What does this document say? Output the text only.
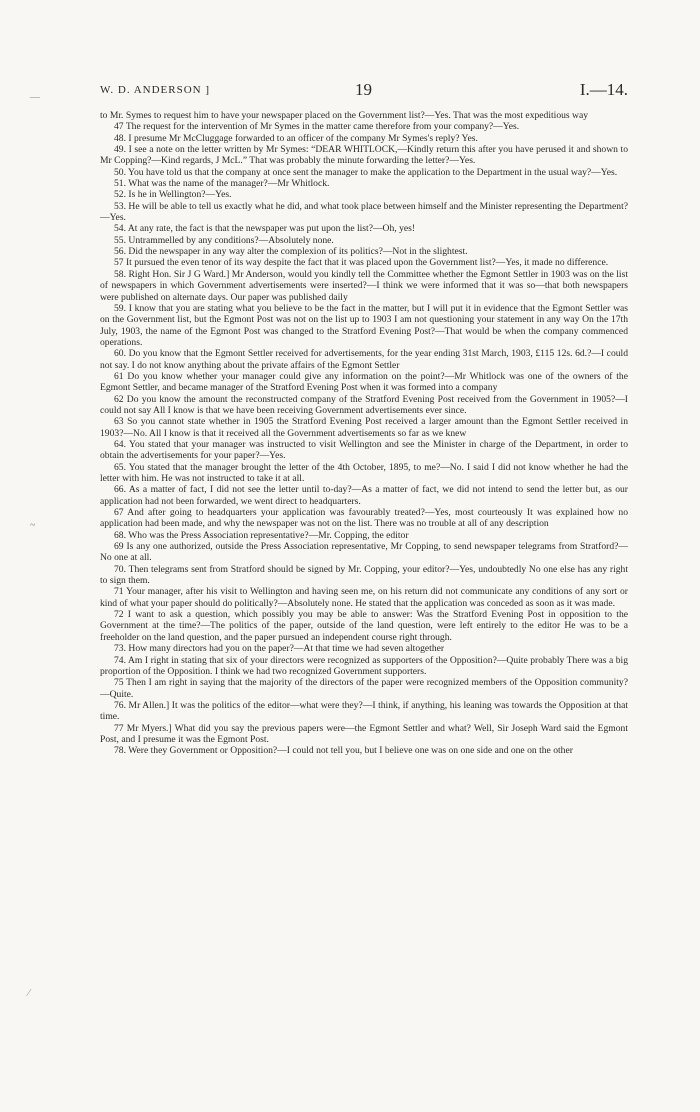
W. D. ANDERSON ]	19	I.—14.
—
~
⁄

to Mr. Symes to request him to have your newspaper placed on the Government list?—Yes. That was the most expeditious way

47 The request for the intervention of Mr Symes in the matter came therefore from your company?—Yes.

48. I presume Mr McCluggage forwarded to an officer of the company Mr Symes's reply? Yes.

49. I see a note on the letter written by Mr Symes: “DEAR WHITLOCK,—Kindly return this after you have perused it and shown to Mr Copping?—Kind regards, J McL.” That was probably the minute forwarding the letter?—Yes.

50. You have told us that the company at once sent the manager to make the application to the Department in the usual way?—Yes.

51. What was the name of the manager?—Mr Whitlock.

52. Is he in Wellington?—Yes.

53. He will be able to tell us exactly what he did, and what took place between himself and the Minister representing the Department?—Yes.

54. At any rate, the fact is that the newspaper was put upon the list?—Oh, yes!

55. Untrammelled by any conditions?—Absolutely none.

56. Did the newspaper in any way alter the complexion of its politics?—Not in the slightest.

57 It pursued the even tenor of its way despite the fact that it was placed upon the Government list?—Yes, it made no difference.

58. Right Hon. Sir J G Ward.] Mr Anderson, would you kindly tell the Committee whether the Egmont Settler in 1903 was on the list of newspapers in which Government advertisements were inserted?—I think we were informed that it was so—that both newspapers were published on alternate days. Our paper was published daily

59. I know that you are stating what you believe to be the fact in the matter, but I will put it in evidence that the Egmont Settler was on the Government list, but the Egmont Post was not on the list up to 1903 I am not questioning your statement in any way On the 17th July, 1903, the name of the Egmont Post was changed to the Stratford Evening Post?—That would be when the company commenced operations.

60. Do you know that the Egmont Settler received for advertisements, for the year ending 31st March, 1903, £115 12s. 6d.?—I could not say. I do not know anything about the private affairs of the Egmont Settler

61 Do you know whether your manager could give any information on the point?—Mr Whitlock was one of the owners of the Egmont Settler, and became manager of the Stratford Evening Post when it was formed into a company

62 Do you know the amount the reconstructed company of the Stratford Evening Post received from the Government in 1905?—I could not say All I know is that we have been receiving Government advertisements ever since.

63 So you cannot state whether in 1905 the Stratford Evening Post received a larger amount than the Egmont Settler received in 1903?—No. All I know is that it received all the Government advertisements so far as we knew

64. You stated that your manager was instructed to visit Wellington and see the Minister in charge of the Department, in order to obtain the advertisements for your paper?—Yes.

65. You stated that the manager brought the letter of the 4th October, 1895, to me?—No. I said I did not know whether he had the letter with him. He was not instructed to take it at all.

66. As a matter of fact, I did not see the letter until to-day?—As a matter of fact, we did not intend to send the letter but, as our application had not been forwarded, we went direct to headquarters.

67 And after going to headquarters your application was favourably treated?—Yes, most courteously It was explained how no application had been made, and why the newspaper was not on the list. There was no trouble at all of any description

68. Who was the Press Association representative?—Mr. Copping, the editor

69 Is any one authorized, outside the Press Association representative, Mr Copping, to send newspaper telegrams from Stratford?—No one at all.

70. Then telegrams sent from Stratford should be signed by Mr. Copping, your editor?—Yes, undoubtedly No one else has any right to sign them.

71 Your manager, after his visit to Wellington and having seen me, on his return did not communicate any conditions of any sort or kind of what your paper should do politically?—Absolutely none. He stated that the application was conceded as soon as it was made.

72 I want to ask a question, which possibly you may be able to answer: Was the Stratford Evening Post in opposition to the Government at the time?—The politics of the paper, outside of the land question, were left entirely to the editor He was to be a freeholder on the land question, and the paper pursued an independent course right through.

73. How many directors had you on the paper?—At that time we had seven altogether

74. Am I right in stating that six of your directors were recognized as supporters of the Opposition?—Quite probably There was a big proportion of the Opposition. I think we had two recognized Government supporters.

75 Then I am right in saying that the majority of the directors of the paper were recognized members of the Opposition community?—Quite.

76. Mr Allen.] It was the politics of the editor—what were they?—I think, if anything, his leaning was towards the Opposition at that time.

77 Mr Myers.] What did you say the previous papers were—the Egmont Settler and what? Well, Sir Joseph Ward said the Egmont Post, and I presume it was the Egmont Post.

78. Were they Government or Opposition?—I could not tell you, but I believe one was on one side and one on the other
